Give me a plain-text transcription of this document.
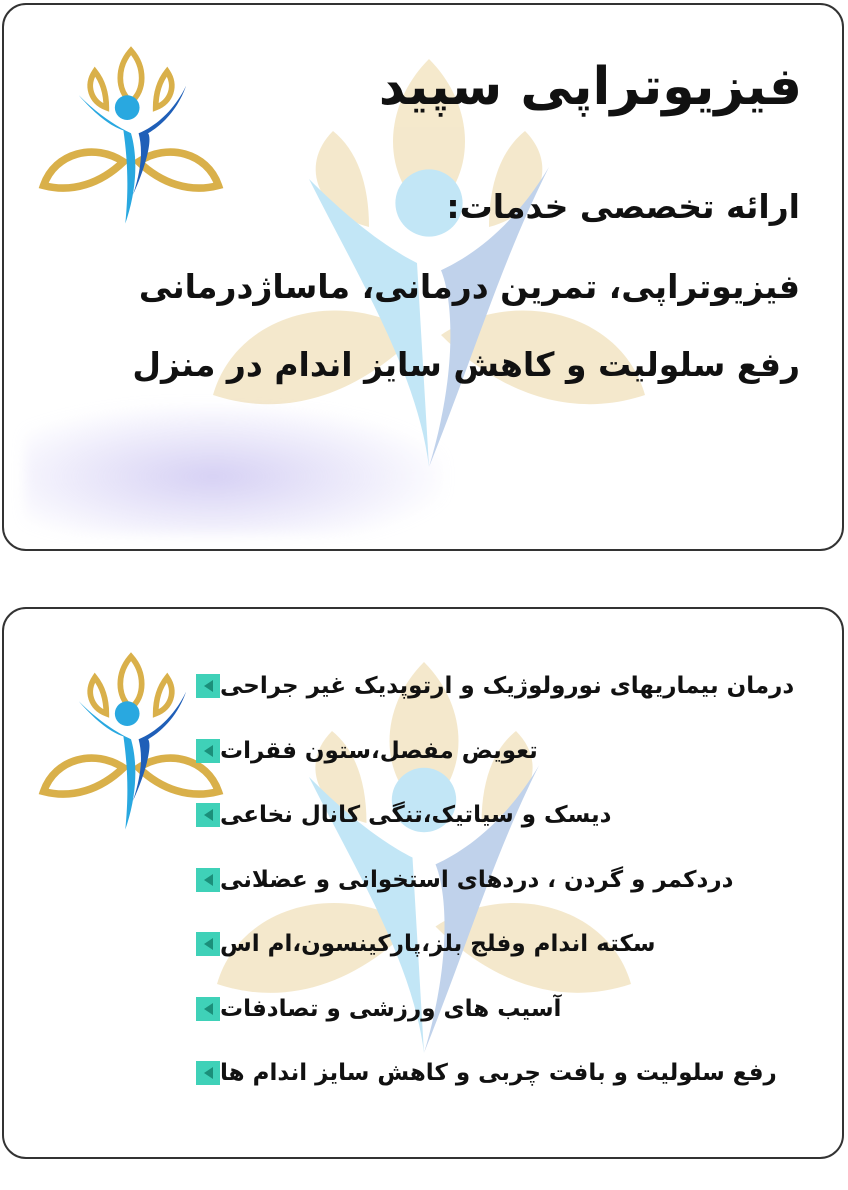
فیزیوتراپی سپید
ارائه تخصصی خدمات:
فیزیوتراپی، تمرین درمانی، ماساژدرمانی
رفع سلولیت و کاهش سایز اندام در منزل
درمان بیماریهای نورولوژیک و ارتوپدیک غیر جراحی
تعویض مفصل،ستون فقرات
دیسک و سیاتیک،تنگی کانال نخاعی
دردکمر و گردن ، دردهای استخوانی و عضلانی
سکته اندام وفلج بلز،پارکینسون،ام اس
آسیب های ورزشی و تصادفات
رفع سلولیت و بافت چربی و کاهش سایز اندام ها
